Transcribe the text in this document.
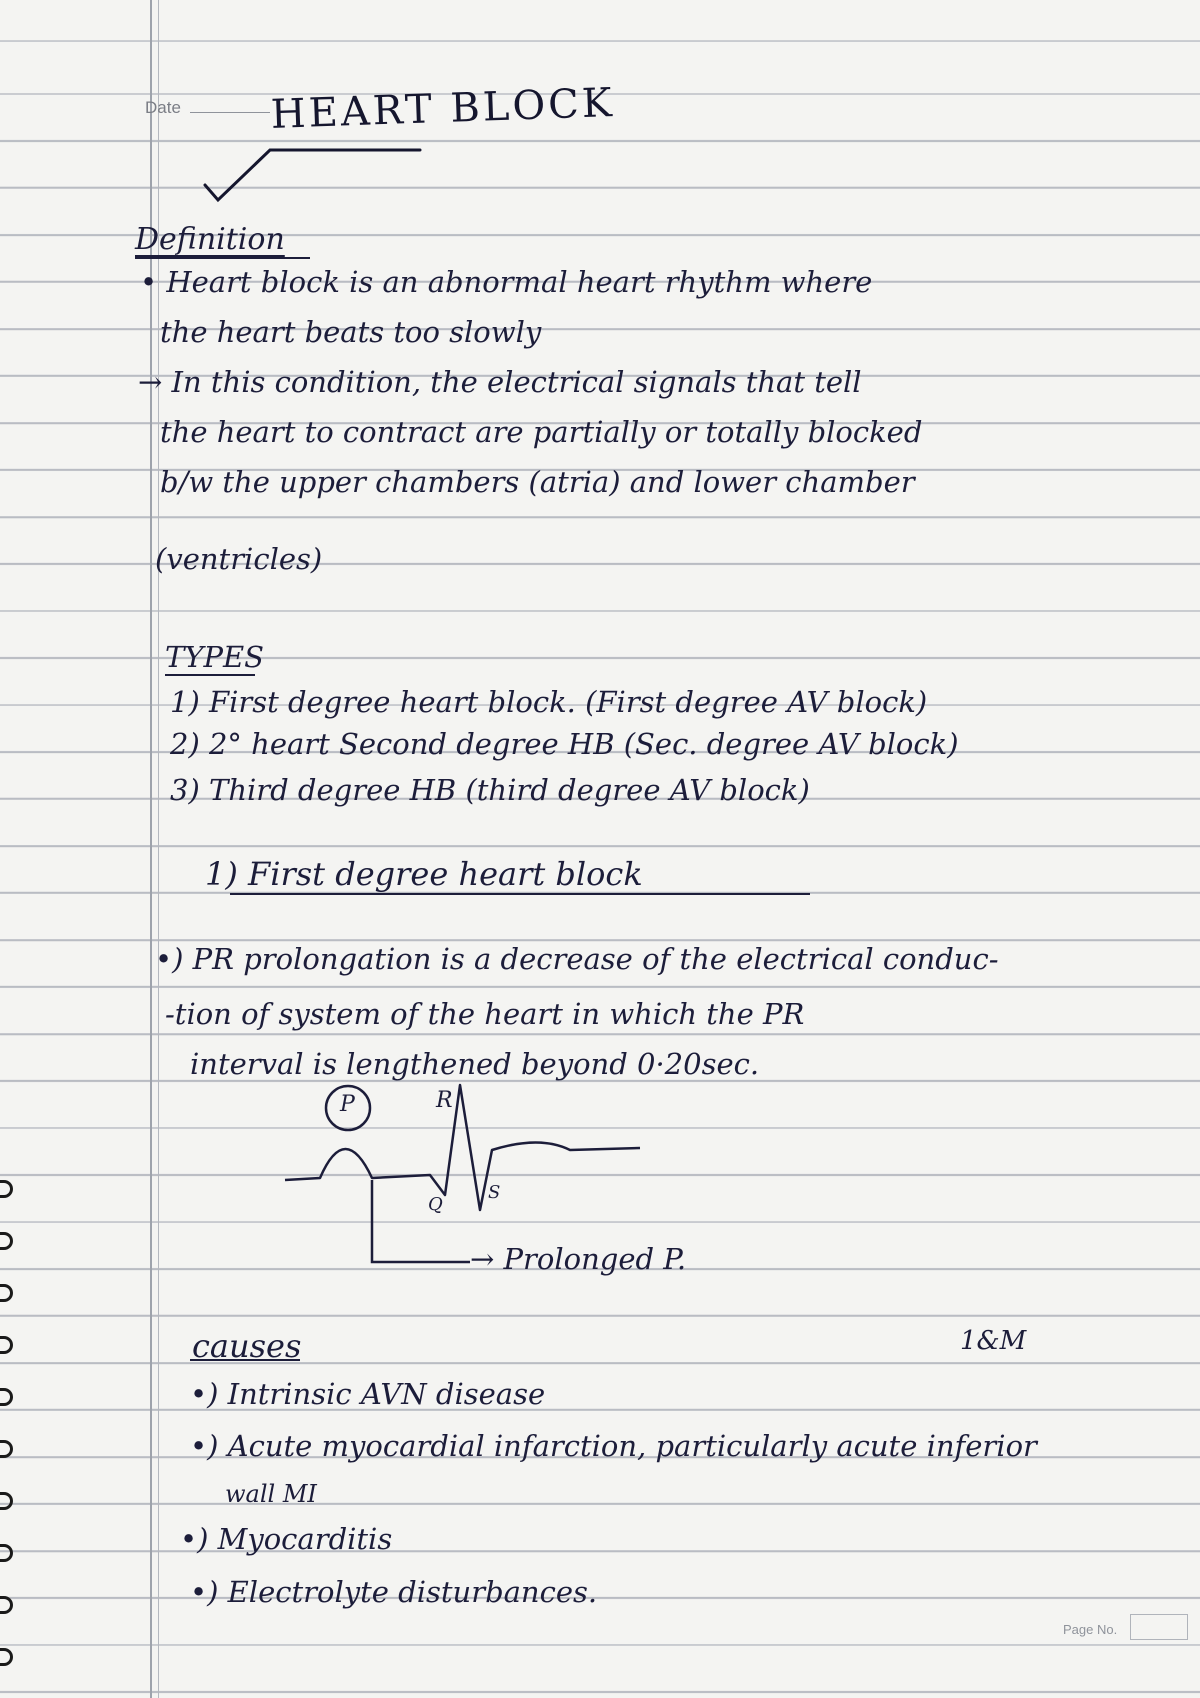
Date HEART BLOCK
Definition
• Heart block is an abnormal heart rhythm where
the heart beats too slowly
→ In this condition, the electrical signals that tell
the heart to contract are partially or totally blocked
b/w the upper chambers (atria) and lower chamber
(ventricles)
TYPES
1) First degree heart block. (First degree AV block)
2) 2° heart Second degree HB (Sec. degree AV block)
3) Third degree HB (third degree AV block)
1) First degree heart block
•) PR prolongation is a decrease of the electrical conduc-
-tion of system of the heart in which the PR
interval is lengthened beyond 0·20sec.
P	R
Q
S
→ Prolonged P.
causes	1&M
•) Intrinsic AVN disease
•) Acute myocardial infarction, particularly acute inferior
wall MI
•) Myocarditis
•) Electrolyte disturbances.
Page No.
